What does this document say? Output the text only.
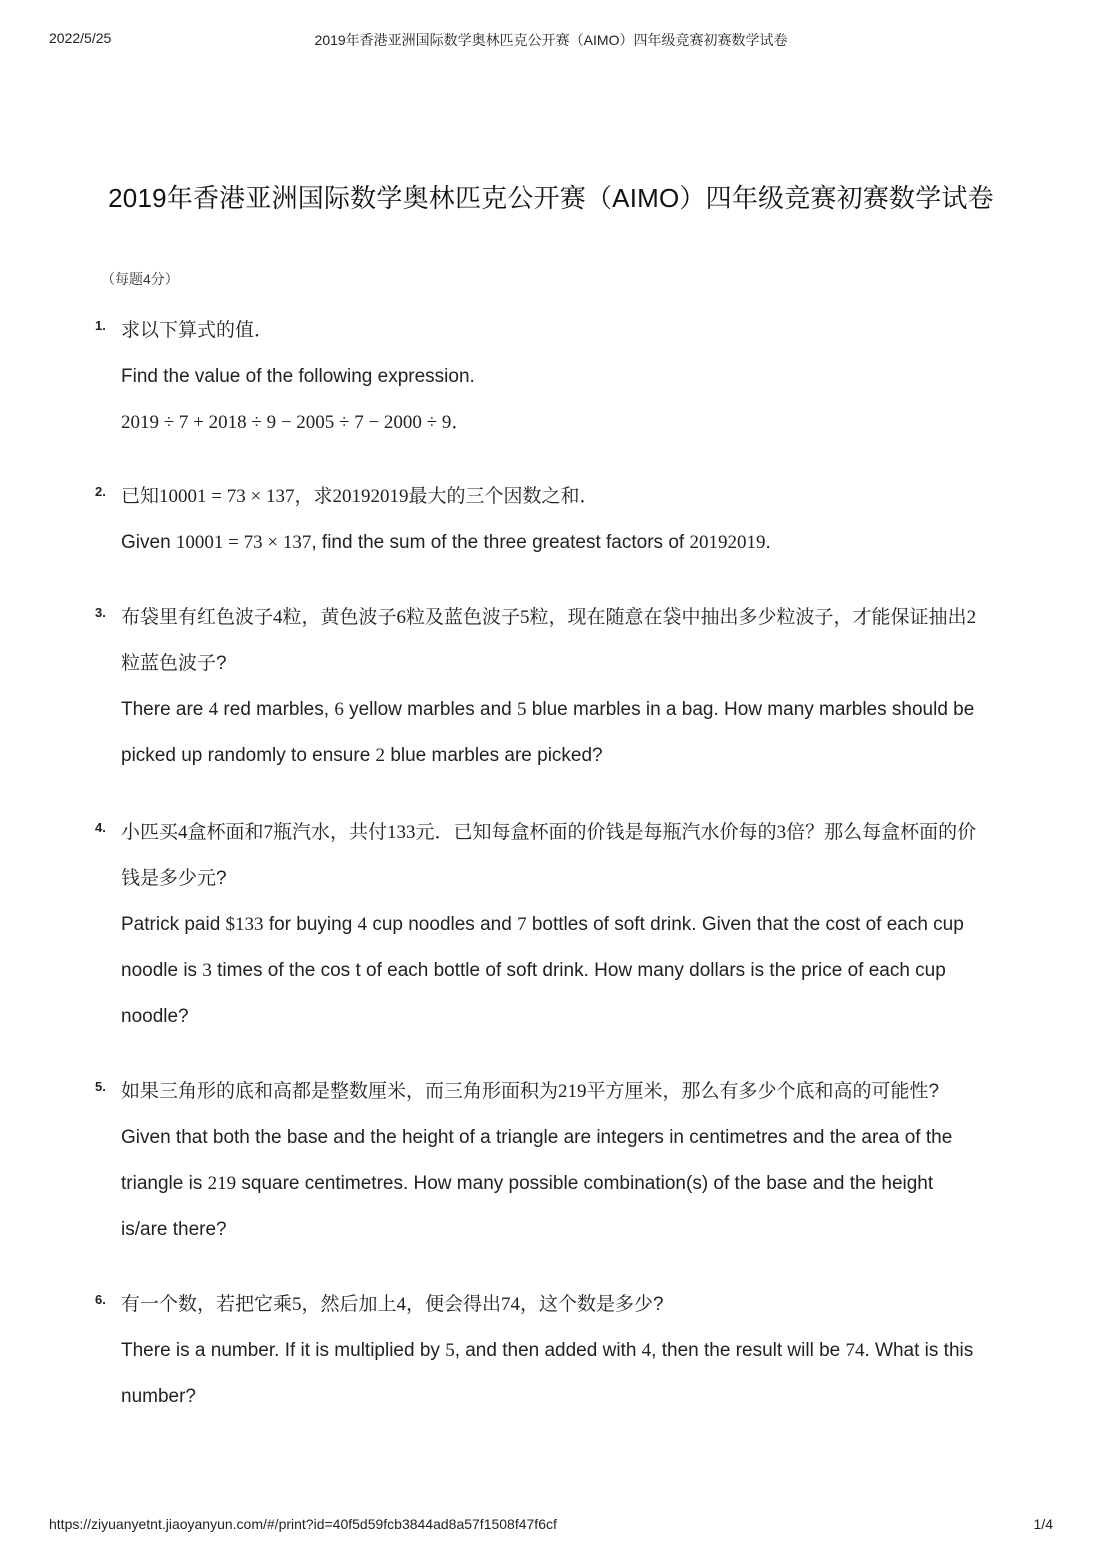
2022/5/25	2019年香港亚洲国际数学奥林匹克公开赛（AIMO）四年级竞赛初赛数学试卷
2019年香港亚洲国际数学奥林匹克公开赛（AIMO）四年级竞赛初赛数学试卷
（每题4分）
1. 求以下算式的值．
Find the value of the following expression.
2019 ÷ 7 + 2018 ÷ 9 − 2005 ÷ 7 − 2000 ÷ 9．
2. 已知10001 = 73 × 137，求20192019最大的三个因数之和．
Given 10001 = 73 × 137, find the sum of the three greatest factors of 20192019.
3. 布袋里有红色波子4粒，黄色波子6粒及蓝色波子5粒，现在随意在袋中抽出多少粒波子，才能保证抽出2
粒蓝色波子?
There are 4 red marbles, 6 yellow marbles and 5 blue marbles in a bag. How many marbles should be
picked up randomly to ensure 2 blue marbles are picked?
4. 小匹买4盒杯面和7瓶汽水，共付133元．已知每盒杯面的价钱是每瓶汽水价每的3倍？那么每盒杯面的价
钱是多少元?
Patrick paid $133 for buying 4 cup noodles and 7 bottles of soft drink. Given that the cost of each cup
noodle is 3 times of the cos t of each bottle of soft drink. How many dollars is the price of each cup
noodle?
5. 如果三角形的底和高都是整数厘米，而三角形面积为219平方厘米，那么有多少个底和高的可能性?
Given that both the base and the height of a triangle are integers in centimetres and the area of the
triangle is 219 square centimetres. How many possible combination(s) of the base and the height
is/are there?
6. 有一个数，若把它乘5，然后加上4，便会得出74，这个数是多少?
There is a number. If it is multiplied by 5, and then added with 4, then the result will be 74. What is this
number?
https://ziyuanyetnt.jiaoyanyun.com/#/print?id=40f5d59fcb3844ad8a57f1508f47f6cf	1/4
